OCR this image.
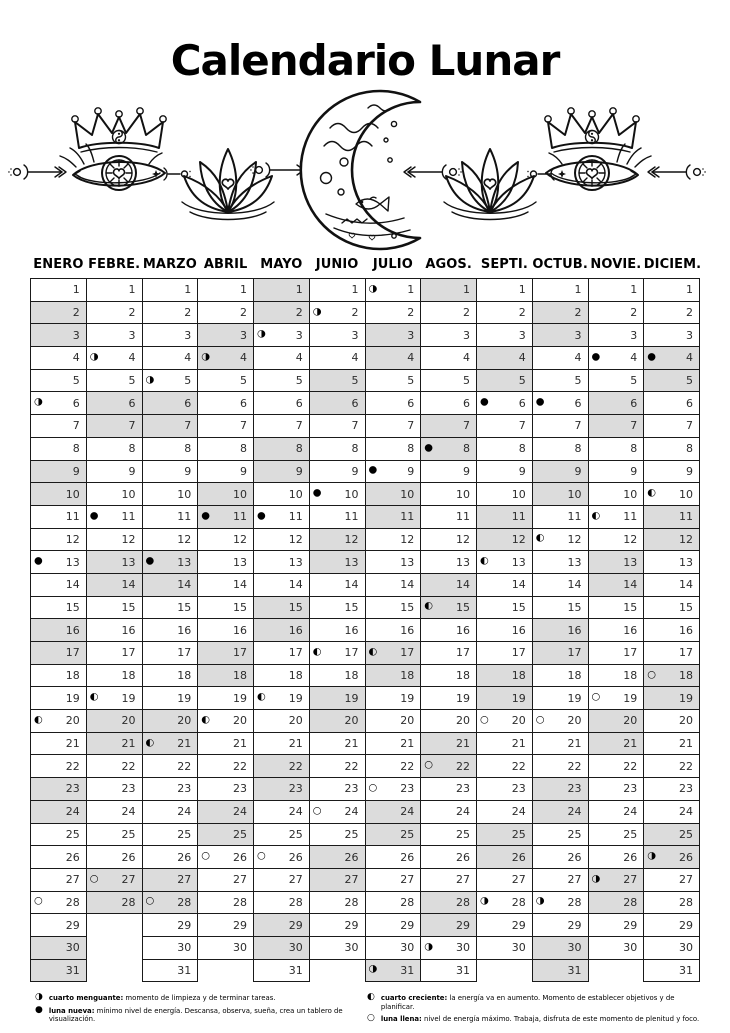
Calendario Lunar
ENERO	FEBRE.	MARZO	ABRIL	MAYO	JUNIO	JULIO	AGOS.	SEPTI.	OCTUB.	NOVIE.	DICIEM.
1	1	1	1	1	1	◑ 1	1	1	1	1	1
2	2	2	2	2	◑ 2	2	2	2	2	2	2
3	3	3	3	◑ 3	3	3	3	3	3	3	3
4	◑ 4	4	◑ 4	4	4	4	4	4	4	● 4	● 4
5	5	◑ 5	5	5	5	5	5	5	5	5	5

◑ 6	6	6	6	6	6	6	6	● 6	● 6	6	6
7	7	7	7	7	7	7	7	7	7	7	7
8	8	8	8	8	8	8	● 8	8	8	8	8
9	9	9	9	9	9	● 9	9	9	9	9	9
10	10	10	10	10	● 10	10	10	10	10	10	◐ 10
11	● 11	11	● 11	● 11	11	11	11	11	11	◐ 11	11
12	12	12	12	12	12	12	12	12	◐ 12	12	12

● 13	13	● 13	13	13	13	13	13	◐ 13	13	13	13
14	14	14	14	14	14	14	14	14	14	14	14
15	15	15	15	15	15	15	◐ 15	15	15	15	15
16	16	16	16	16	16	16	16	16	16	16	16
17	17	17	17	17	◐ 17	◐ 17	17	17	17	17	17
18	18	18	18	18	18	18	18	18	18	18	○ 18
19	◐ 19	19	19	◐ 19	19	19	19	19	19	○ 19	19

◐ 20	20	20	◐ 20	20	20	20	20	○ 20	○ 20	20	20
21	21	◐ 21	21	21	21	21	21	21	21	21	21
22	22	22	22	22	22	22	○ 22	22	22	22	22
23	23	23	23	23	23	○ 23	23	23	23	23	23
24	24	24	24	24	○ 24	24	24	24	24	24	24
25	25	25	25	25	25	25	25	25	25	25	25
26	26	26	○ 26	○ 26	26	26	26	26	26	26	◑ 26
27	○ 27	27	27	27	27	27	27	27	27	◑ 27	27

○ 28	28	○ 28	28	28	28	28	28	◑ 28	◑ 28	28	28
29		29	29	29	29	29	29	29	29	29	29
30		30	30	30	30	30	◑ 30	30	30	30	30
31		31		31		◑ 31	31		31		31
◑ cuarto menguante: momento de limpieza y de terminar tareas.
● luna nueva: mínimo nivel de energía. Descansa, observa, sueña, crea un tablero de visualización.
◐ cuarto creciente: la energía va en aumento. Momento de establecer objetivos y de planificar.
○ luna llena: nivel de energía máximo. Trabaja, disfruta de este momento de plenitud y foco.
